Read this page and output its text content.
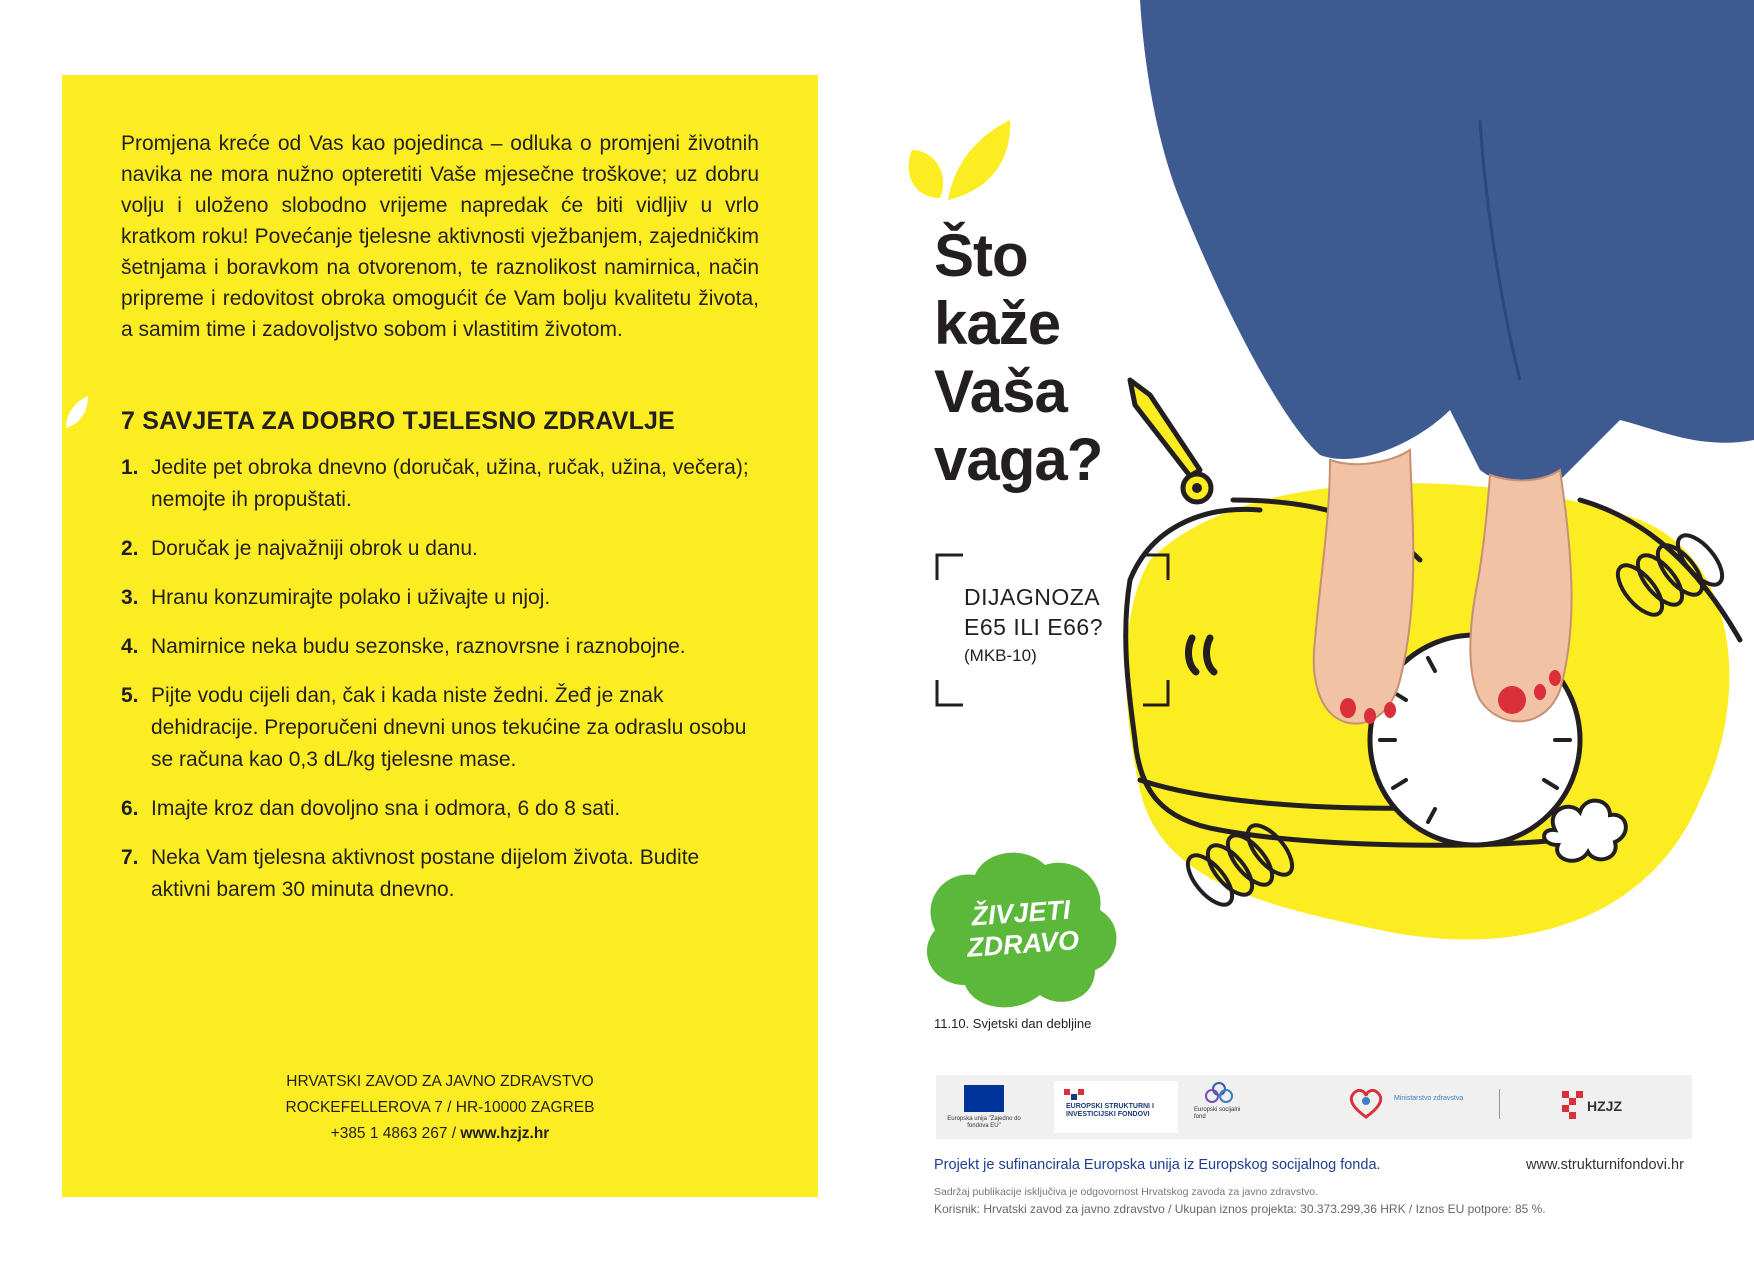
Promjena kreće od Vas kao pojedinca – odluka o promjeni životnih navika ne mora nužno opteretiti Vaše mjesečne troškove; uz dobru volju i uloženo slobodno vrijeme napredak će biti vidljiv u vrlo kratkom roku! Povećanje tjelesne aktivnosti vježbanjem, zajedničkim šetnjama i boravkom na otvorenom, te raznolikost namirnica, način pripreme i redovitost obroka omogućit će Vam bolju kvalitetu života, a samim time i zadovoljstvo sobom i vlastitim životom.

7 SAVJETA ZA DOBRO TJELESNO ZDRAVLJE
1. Jedite pet obroka dnevno (doručak, užina, ručak, užina, večera); nemojte ih propuštati.
2. Doručak je najvažniji obrok u danu.
3. Hranu konzumirajte polako i uživajte u njoj.
4. Namirnice neka budu sezonske, raznovrsne i raznobojne.
5. Pijte vodu cijeli dan, čak i kada niste žedni. Žeđ je znak dehidracije. Preporučeni dnevni unos tekućine za odraslu osobu se računa kao 0,3 dL/kg tjelesne mase.
6. Imajte kroz dan dovoljno sna i odmora, 6 do 8 sati.
7. Neka Vam tjelesna aktivnost postane dijelom života. Budite aktivni barem 30 minuta dnevno.
HRVATSKI ZAVOD ZA JAVNO ZDRAVSTVO
ROCKEFELLEROVA 7 / HR-10000 ZAGREB
+385 1 4863 267 / www.hzjz.hr
Što
kaže
Vaša
vaga?
DIJAGNOZA
E65 ILI E66?
(MKB-10)
ŽIVJETI
ZDRAVO
11.10. Svjetski dan debljine
Europska unija "Zajedno do fondova EU"
EUROPSKI STRUKTURNI I INVESTICIJSKI FONDOVI
Europski socijalni fond
Ministarstvo zdravstva	HZJZ
Projekt je sufinancirala Europska unija iz Europskog socijalnog fonda.	www.strukturnifondovi.hr
Sadržaj publikacije isključiva je odgovornost Hrvatskog zavoda za javno zdravstvo.
Korisnik: Hrvatski zavod za javno zdravstvo / Ukupan iznos projekta: 30.373.299,36 HRK / Iznos EU potpore: 85 %.
